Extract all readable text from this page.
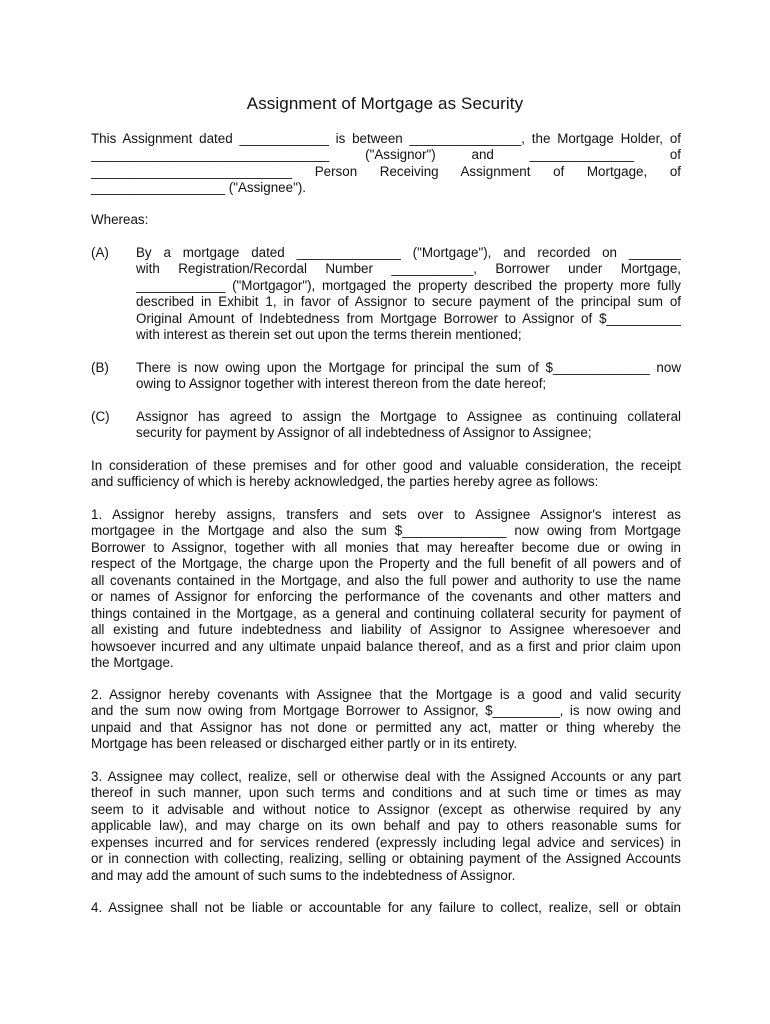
Assignment of Mortgage as Security
This Assignment dated ____________ is between _______________, the Mortgage Holder, of
________________________________ ("Assignor") and ______________ of
___________________________ Person Receiving Assignment of Mortgage, of
__________________ ("Assignee").
Whereas:
(A)	By a mortgage dated ______________ ("Mortgage"), and recorded on _______
with Registration/Recordal Number ___________, Borrower under Mortgage,
____________ ("Mortgagor"), mortgaged the property described the property more fully
described in Exhibit 1, in favor of Assignor to secure payment of the principal sum of
Original Amount of Indebtedness from Mortgage Borrower to Assignor of $__________
with interest as therein set out upon the terms therein mentioned;
(B)	There is now owing upon the Mortgage for principal the sum of $_____________ now
owing to Assignor together with interest thereon from the date hereof;
(C)	Assignor has agreed to assign the Mortgage to Assignee as continuing collateral
security for payment by Assignor of all indebtedness of Assignor to Assignee;
In consideration of these premises and for other good and valuable consideration, the receipt
and sufficiency of which is hereby acknowledged, the parties hereby agree as follows:
1. Assignor hereby assigns, transfers and sets over to Assignee Assignor's interest as
mortgagee in the Mortgage and also the sum $______________ now owing from Mortgage
Borrower to Assignor, together with all monies that may hereafter become due or owing in
respect of the Mortgage, the charge upon the Property and the full benefit of all powers and of
all covenants contained in the Mortgage, and also the full power and authority to use the name
or names of Assignor for enforcing the performance of the covenants and other matters and
things contained in the Mortgage, as a general and continuing collateral security for payment of
all existing and future indebtedness and liability of Assignor to Assignee wheresoever and
howsoever incurred and any ultimate unpaid balance thereof, and as a first and prior claim upon
the Mortgage.
2. Assignor hereby covenants with Assignee that the Mortgage is a good and valid security
and the sum now owing from Mortgage Borrower to Assignor, $_________, is now owing and
unpaid and that Assignor has not done or permitted any act, matter or thing whereby the
Mortgage has been released or discharged either partly or in its entirety.
3. Assignee may collect, realize, sell or otherwise deal with the Assigned Accounts or any part
thereof in such manner, upon such terms and conditions and at such time or times as may
seem to it advisable and without notice to Assignor (except as otherwise required by any
applicable law), and may charge on its own behalf and pay to others reasonable sums for
expenses incurred and for services rendered (expressly including legal advice and services) in
or in connection with collecting, realizing, selling or obtaining payment of the Assigned Accounts
and may add the amount of such sums to the indebtedness of Assignor.
4. Assignee shall not be liable or accountable for any failure to collect, realize, sell or obtain
